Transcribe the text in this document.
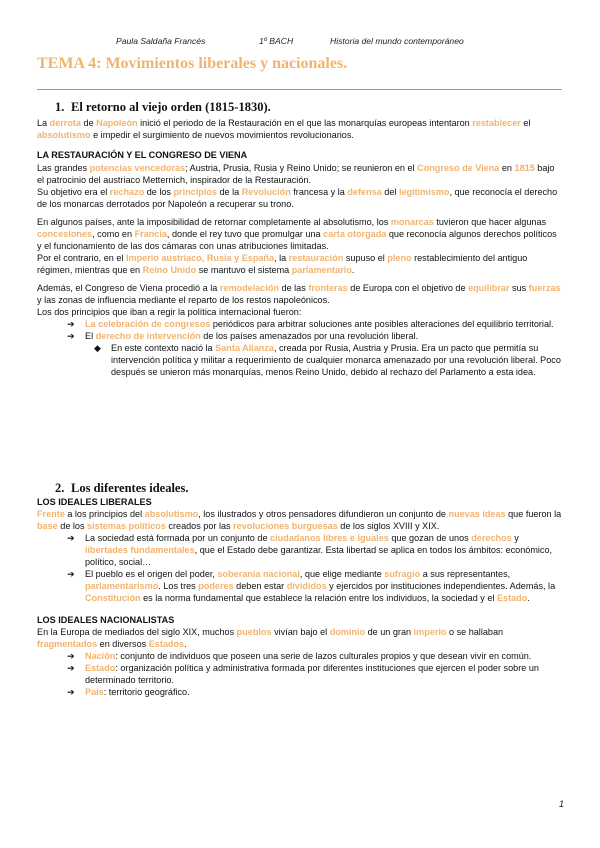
Paula Saldaña Francés	1º BACH	Historia del mundo contemporáneo
TEMA 4: Movimientos liberales y nacionales.

1. El retorno al viejo orden (1815-1830).

La derrota de Napoleón inició el periodo de la Restauración en el que las monarquías europeas intentaron restablecer el absolutismo e impedir el surgimiento de nuevos movimientos revolucionarios.

LA RESTAURACIÓN Y EL CONGRESO DE VIENA

Las grandes potencias vencedoras; Austria, Prusia, Rusia y Reino Unido; se reunieron en el Congreso de Viena en 1815 bajo el patrocinio del austriaco Metternich, inspirador de la Restauración.

Su objetivo era el rechazo de los principios de la Revolución francesa y la defensa del legitimismo, que reconocía el derecho de los monarcas derrotados por Napoleón a recuperar su trono.

En algunos países, ante la imposibilidad de retornar completamente al absolutismo, los monarcas tuvieron que hacer algunas concesiones, como en Francia, donde el rey tuvo que promulgar una carta otorgada que reconocía algunos derechos políticos y el funcionamiento de las dos cámaras con unas atribuciones limitadas.

Por el contrario, en el Imperio austriaco, Rusia y España, la restauración supuso el pleno restablecimiento del antiguo régimen, mientras que en Reino Unido se mantuvo el sistema parlamentario.

Además, el Congreso de Viena procedió a la remodelación de las fronteras de Europa con el objetivo de equilibrar sus fuerzas y las zonas de influencia mediante el reparto de los restos napoleónicos.

Los dos principios que iban a regir la política internacional fueron:

➔ La celebración de congresos periódicos para arbitrar soluciones ante posibles alteraciones del equilibrio territorial.

➔ El derecho de intervención de los países amenazados por una revolución liberal.

◆ En este contexto nació la Santa Alianza, creada por Rusia, Austria y Prusia. Era un pacto que permitía su intervención política y militar a requerimiento de cualquier monarca amenazado por una revolución liberal. Poco después se unieron más monarquías, menos Reino Unido, debido al rechazo del Parlamento a esta idea.

2. Los diferentes ideales.

LOS IDEALES LIBERALES

Frente a los principios del absolutismo, los ilustrados y otros pensadores difundieron un conjunto de nuevas ideas que fueron la base de los sistemas políticos creados por las revoluciones burguesas de los siglos XVIII y XIX.

➔ La sociedad está formada por un conjunto de ciudadanos libres e iguales que gozan de unos derechos y libertades fundamentales, que el Estado debe garantizar. Esta libertad se aplica en todos los ámbitos: económico, político, social…

➔ El pueblo es el origen del poder, soberanía nacional, que elige mediante sufragio a sus representantes, parlamentarismo. Los tres poderes deben estar divididos y ejercidos por instituciones independientes. Además, la Constitución es la norma fundamental que establece la relación entre los individuos, la sociedad y el Estado.

LOS IDEALES NACIONALISTAS

En la Europa de mediados del siglo XIX, muchos pueblos vivían bajo el dominio de un gran imperio o se hallaban fragmentados en diversos Estados.

➔ Nación: conjunto de individuos que poseen una serie de lazos culturales propios y que desean vivir en común.

➔ Estado: organización política y administrativa formada por diferentes instituciones que ejercen el poder sobre un determinado territorio.

➔ País: territorio geográfico.

1
